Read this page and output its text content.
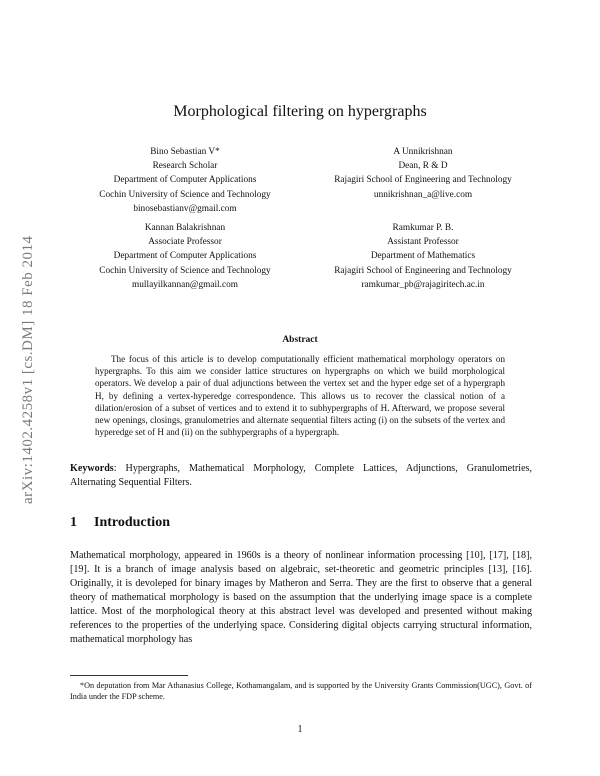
arXiv:1402.4258v1 [cs.DM] 18 Feb 2014
Morphological filtering on hypergraphs
Bino Sebastian V*
Research Scholar
Department of Computer Applications
Cochin University of Science and Technology
binosebastianv@gmail.com
A Unnikrishnan
Dean, R & D
Rajagiri School of Engineering and Technology
unnikrishnan_a@live.com
Kannan Balakrishnan
Associate Professor
Department of Computer Applications
Cochin University of Science and Technology
mullayilkannan@gmail.com
Ramkumar P. B.
Assistant Professor
Department of Mathematics
Rajagiri School of Engineering and Technology
ramkumar_pb@rajagiritech.ac.in
Abstract
The focus of this article is to develop computationally efficient mathematical morphology operators on hypergraphs. To this aim we consider lattice structures on hypergraphs on which we build morphological operators. We develop a pair of dual adjunctions between the vertex set and the hyper edge set of a hypergraph H, by defining a vertex-hyperedge correspondence. This allows us to recover the classical notion of a dilation/erosion of a subset of vertices and to extend it to subhypergraphs of H. Afterward, we propose several new openings, closings, granulometries and alternate sequential filters acting (i) on the subsets of the vertex and hyperedge set of H and (ii) on the subhypergraphs of a hypergraph.
Keywords: Hypergraphs, Mathematical Morphology, Complete Lattices, Adjunctions, Granulometries, Alternating Sequential Filters.
1 Introduction
Mathematical morphology, appeared in 1960s is a theory of nonlinear information processing [10], [17], [18], [19]. It is a branch of image analysis based on algebraic, set-theoretic and geometric principles [13], [16]. Originally, it is devoleped for binary images by Matheron and Serra. They are the first to observe that a general theory of mathematical morphology is based on the assumption that the underlying image space is a complete lattice. Most of the morphological theory at this abstract level was developed and presented without making references to the properties of the underlying space. Considering digital objects carrying structural information, mathematical morphology has
*On deputation from Mar Athanasius College, Kothamangalam, and is supported by the University Grants Commission(UGC), Govt. of India under the FDP scheme.
1
